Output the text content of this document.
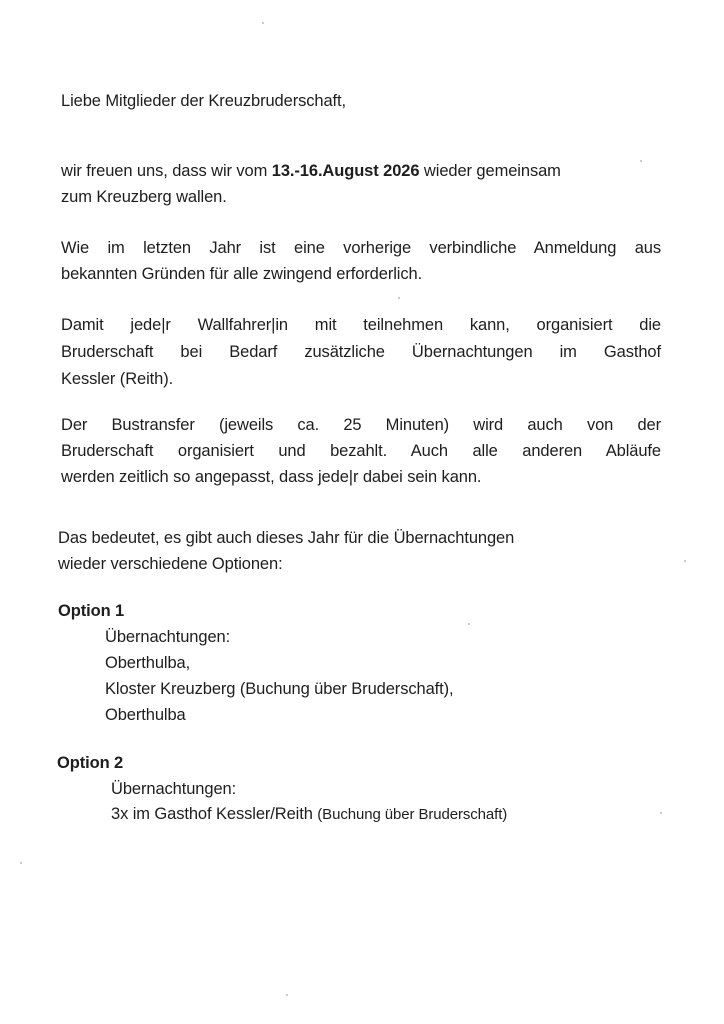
Liebe Mitglieder der Kreuzbruderschaft,
wir freuen uns, dass wir vom 13.-16.August 2026 wieder gemeinsam
zum Kreuzberg wallen.
Wie im letzten Jahr ist eine vorherige verbindliche Anmeldung aus
bekannten Gründen für alle zwingend erforderlich.
Damit jede|r Wallfahrer|in mit teilnehmen kann, organisiert die
Bruderschaft bei Bedarf zusätzliche Übernachtungen im Gasthof
Kessler (Reith).
Der Bustransfer (jeweils ca. 25 Minuten) wird auch von der
Bruderschaft organisiert und bezahlt. Auch alle anderen Abläufe
werden zeitlich so angepasst, dass jede|r dabei sein kann.
Das bedeutet, es gibt auch dieses Jahr für die Übernachtungen
wieder verschiedene Optionen:
Option 1
Übernachtungen:
Oberthulba,
Kloster Kreuzberg (Buchung über Bruderschaft),
Oberthulba
Option 2
Übernachtungen:
3x im Gasthof Kessler/Reith (Buchung über Bruderschaft)
